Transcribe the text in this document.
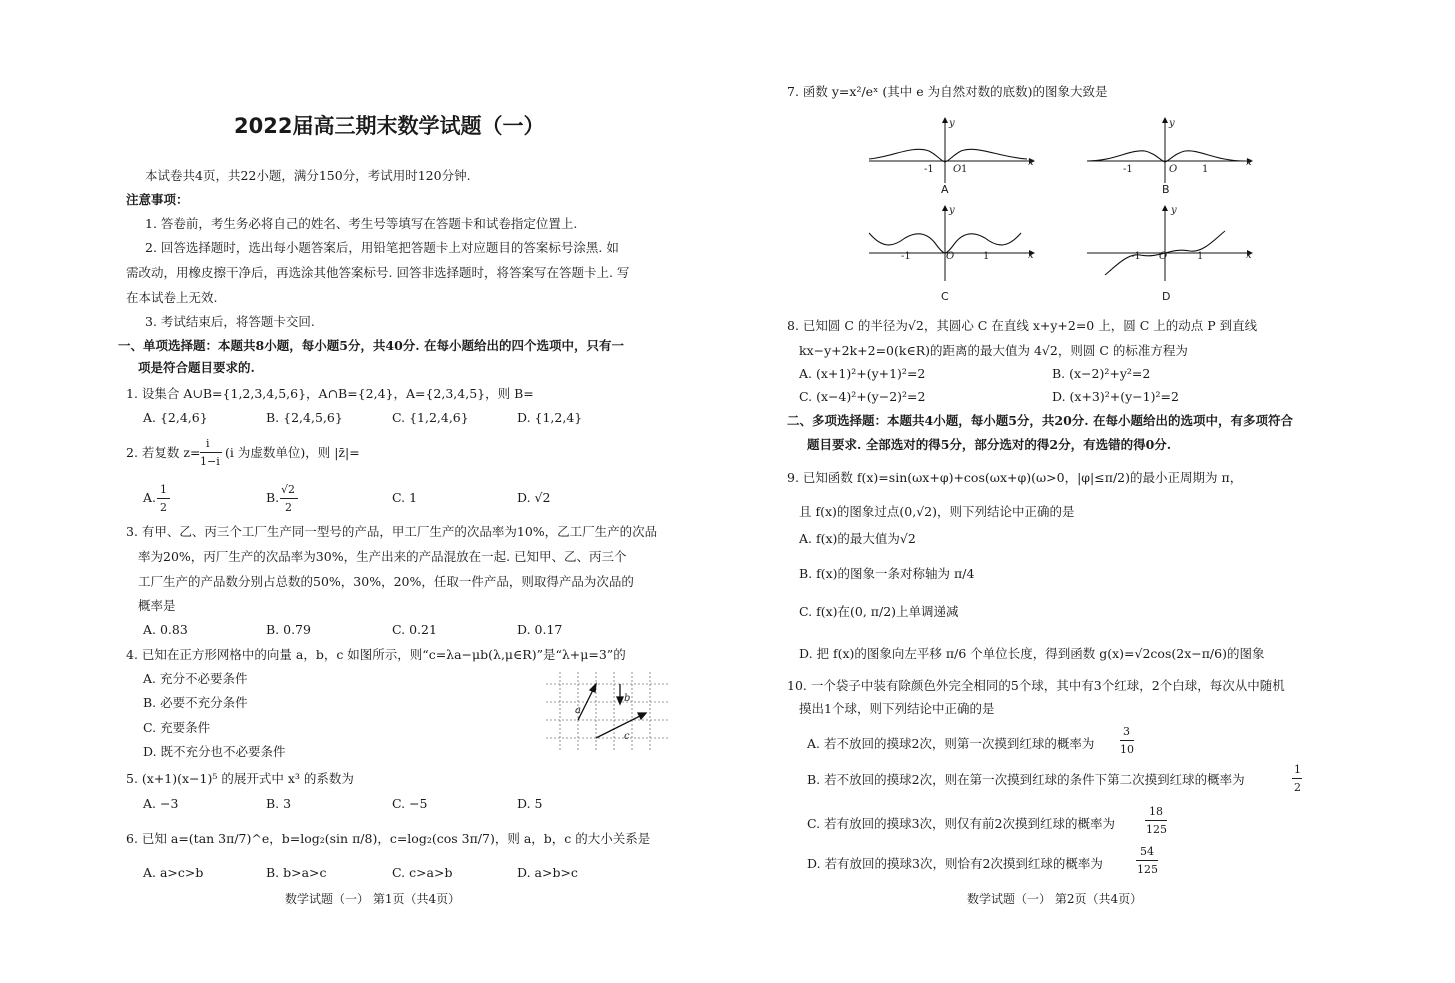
2022届高三期末数学试题（一）
本试卷共4页，共22小题，满分150分，考试用时120分钟.
注意事项：
1. 答卷前，考生务必将自己的姓名、考生号等填写在答题卡和试卷指定位置上.
2. 回答选择题时，选出每小题答案后，用铅笔把答题卡上对应题目的答案标号涂黑. 如
需改动，用橡皮擦干净后，再选涂其他答案标号. 回答非选择题时，将答案写在答题卡上. 写
在本试卷上无效.
3. 考试结束后，将答题卡交回.
一、单项选择题：本题共8小题，每小题5分，共40分. 在每小题给出的四个选项中，只有一
项是符合题目要求的.
1. 设集合 A∪B={1,2,3,4,5,6}，A∩B={2,4}，A={2,3,4,5}，则 B=
A. {2,4,6}	B. {2,4,5,6}	C. {1,2,4,6}	D. {1,2,4}
2. 若复数 z=
i
1−i
(i 为虚数单位)，则 |z̄|=
A.
1
2
B.
√2
2
C. 1	D. √2
3. 有甲、乙、丙三个工厂生产同一型号的产品，甲工厂生产的次品率为10%，乙工厂生产的次品
率为20%，丙厂生产的次品率为30%，生产出来的产品混放在一起. 已知甲、乙、丙三个
工厂生产的产品数分别占总数的50%，30%，20%，任取一件产品，则取得产品为次品的
概率是
A. 0.83	B. 0.79	C. 0.21	D. 0.17
4. 已知在正方形网格中的向量 a，b，c 如图所示，则“c=λa−μb(λ,μ∈R)”是“λ+μ=3”的
A. 充分不必要条件
B. 必要不充分条件
C. 充要条件
D. 既不充分也不必要条件
a
b
c
5. (x+1)(x−1)⁵ 的展开式中 x³ 的系数为
A. −3	B. 3	C. −5	D. 5
6. 已知 a=(tan 3π/7)^e，b=log₂(sin π/8)，c=log₂(cos 3π/7)，则 a，b，c 的大小关系是
A. a>c>b	B. b>a>c	C. c>a>b	D. a>b>c
数学试题（一） 第1页（共4页）
7. 函数 y=x²/eˣ (其中 e 为自然对数的底数)的图象大致是
y
x
-1 O 1
A
y
x
-1	O 1
B
y
x
-1	O	1
C
y
x
-1 O	1
D
8. 已知圆 C 的半径为√2，其圆心 C 在直线 x+y+2=0 上，圆 C 上的动点 P 到直线
kx−y+2k+2=0(k∈R)的距离的最大值为 4√2，则圆 C 的标准方程为
A. (x+1)²+(y+1)²=2	B. (x−2)²+y²=2
C. (x−4)²+(y−2)²=2	D. (x+3)²+(y−1)²=2
二、多项选择题：本题共4小题，每小题5分，共20分. 在每小题给出的选项中，有多项符合
题目要求. 全部选对的得5分，部分选对的得2分，有选错的得0分.
9. 已知函数 f(x)=sin(ωx+φ)+cos(ωx+φ)(ω>0，|φ|≤π/2)的最小正周期为 π，
且 f(x)的图象过点(0,√2)，则下列结论中正确的是
A. f(x)的最大值为√2
B. f(x)的图象一条对称轴为 π/4
C. f(x)在(0, π/2)上单调递减
D. 把 f(x)的图象向左平移 π/6 个单位长度，得到函数 g(x)=√2cos(2x−π/6)的图象
10. 一个袋子中装有除颜色外完全相同的5个球，其中有3个红球，2个白球，每次从中随机
摸出1个球，则下列结论中正确的是
A. 若不放回的摸球2次，则第一次摸到红球的概率为
3
10
B. 若不放回的摸球2次，则在第一次摸到红球的条件下第二次摸到红球的概率为
1
2
C. 若有放回的摸球3次，则仅有前2次摸到红球的概率为
18
125
D. 若有放回的摸球3次，则恰有2次摸到红球的概率为
54
125
数学试题（一） 第2页（共4页）
